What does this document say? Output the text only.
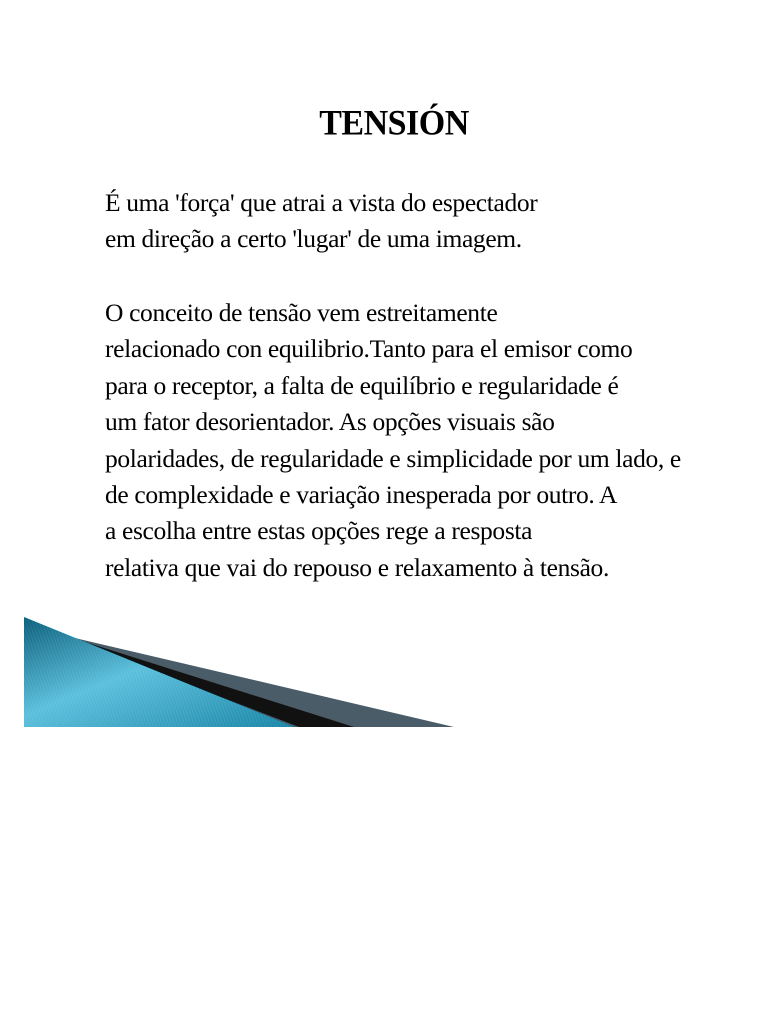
TENSIÓN
É uma 'força' que atrai a vista do espectador
em direção a certo 'lugar' de uma imagem.
O conceito de tensão vem estreitamente
relacionado con equilibrio.Tanto para el emisor como
para o receptor, a falta de equilíbrio e regularidade é
um fator desorientador. As opções visuais são
polaridades, de regularidade e simplicidade por um lado, e
de complexidade e variação inesperada por outro. A
a escolha entre estas opções rege a resposta
relativa que vai do repouso e relaxamento à tensão.
